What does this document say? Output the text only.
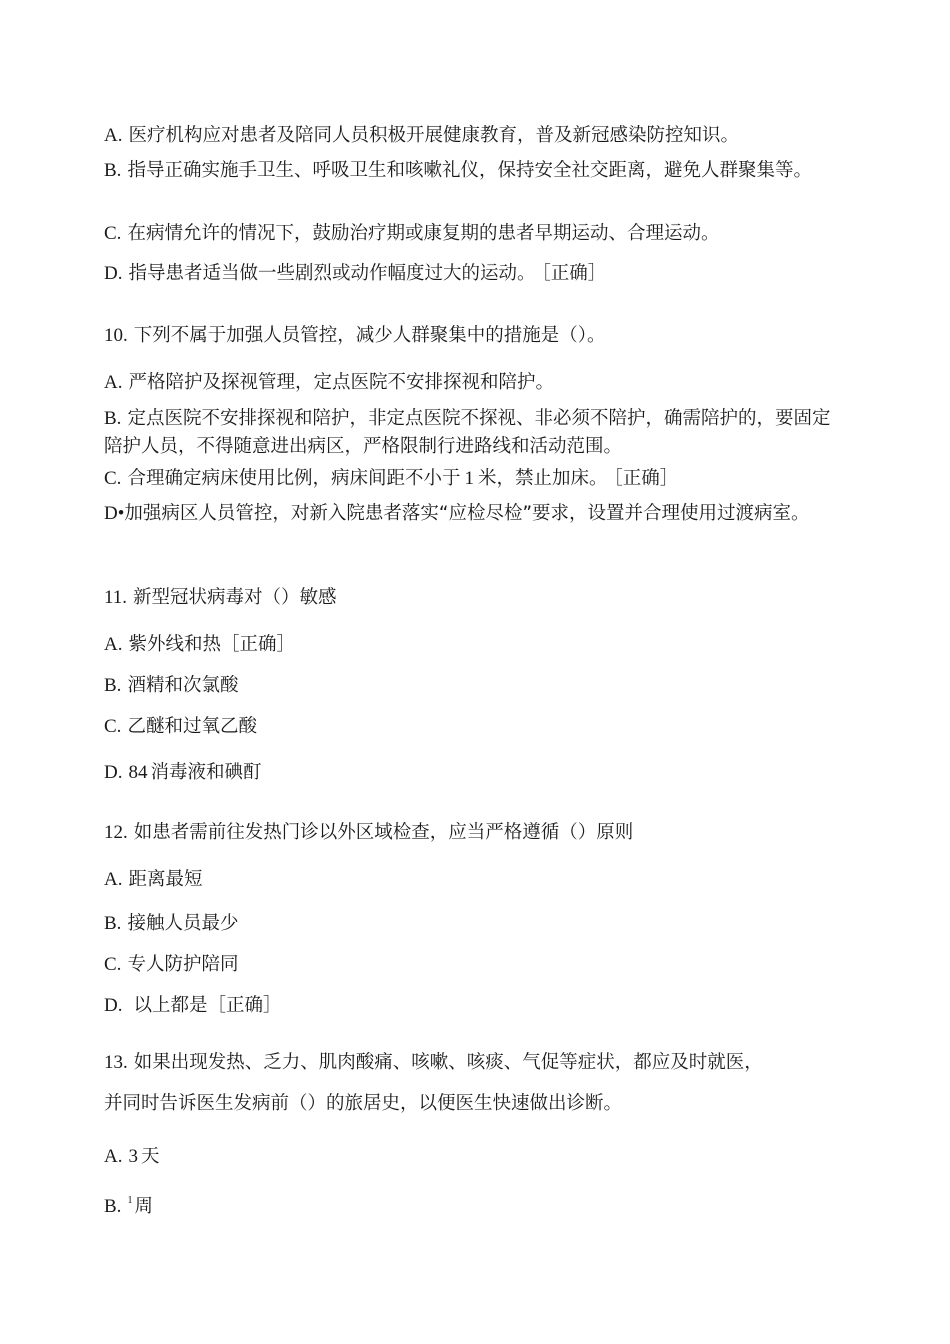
A. 医疗机构应对患者及陪同人员积极开展健康教育，普及新冠感染防控知识。
B. 指导正确实施手卫生、呼吸卫生和咳嗽礼仪，保持安全社交距离，避免人群聚集等。
C. 在病情允许的情况下，鼓励治疗期或康复期的患者早期运动、合理运动。
D. 指导患者适当做一些剧烈或动作幅度过大的运动。 ［正确］
10. 下列不属于加强人员管控，减少人群聚集中的措施是（）。
A. 严格陪护及探视管理，定点医院不安排探视和陪护。
B. 定点医院不安排探视和陪护，非定点医院不探视、非必须不陪护，确需陪护的，要固定陪护人员，不得随意进出病区，严格限制行进路线和活动范围。
C. 合理确定病床使用比例，病床间距不小于 1 米，禁止加床。 ［正确］
D•加强病区人员管控，对新入院患者落实“应检尽检”要求，设置并合理使用过渡病室。
11. 新型冠状病毒对（）敏感
A. 紫外线和热［正确］
B. 酒精和次氯酸
C. 乙醚和过氧乙酸
D. 84 消毒液和碘酊
12. 如患者需前往发热门诊以外区域检查，应当严格遵循（）原则
A. 距离最短
B. 接触人员最少
C. 专人防护陪同
D. 以上都是［正确］
13. 如果出现发热、乏力、肌肉酸痛、咳嗽、咳痰、气促等症状，都应及时就医，
并同时告诉医生发病前（）的旅居史，以便医生快速做出诊断。
A. 3 天
B. $^1$ 周
